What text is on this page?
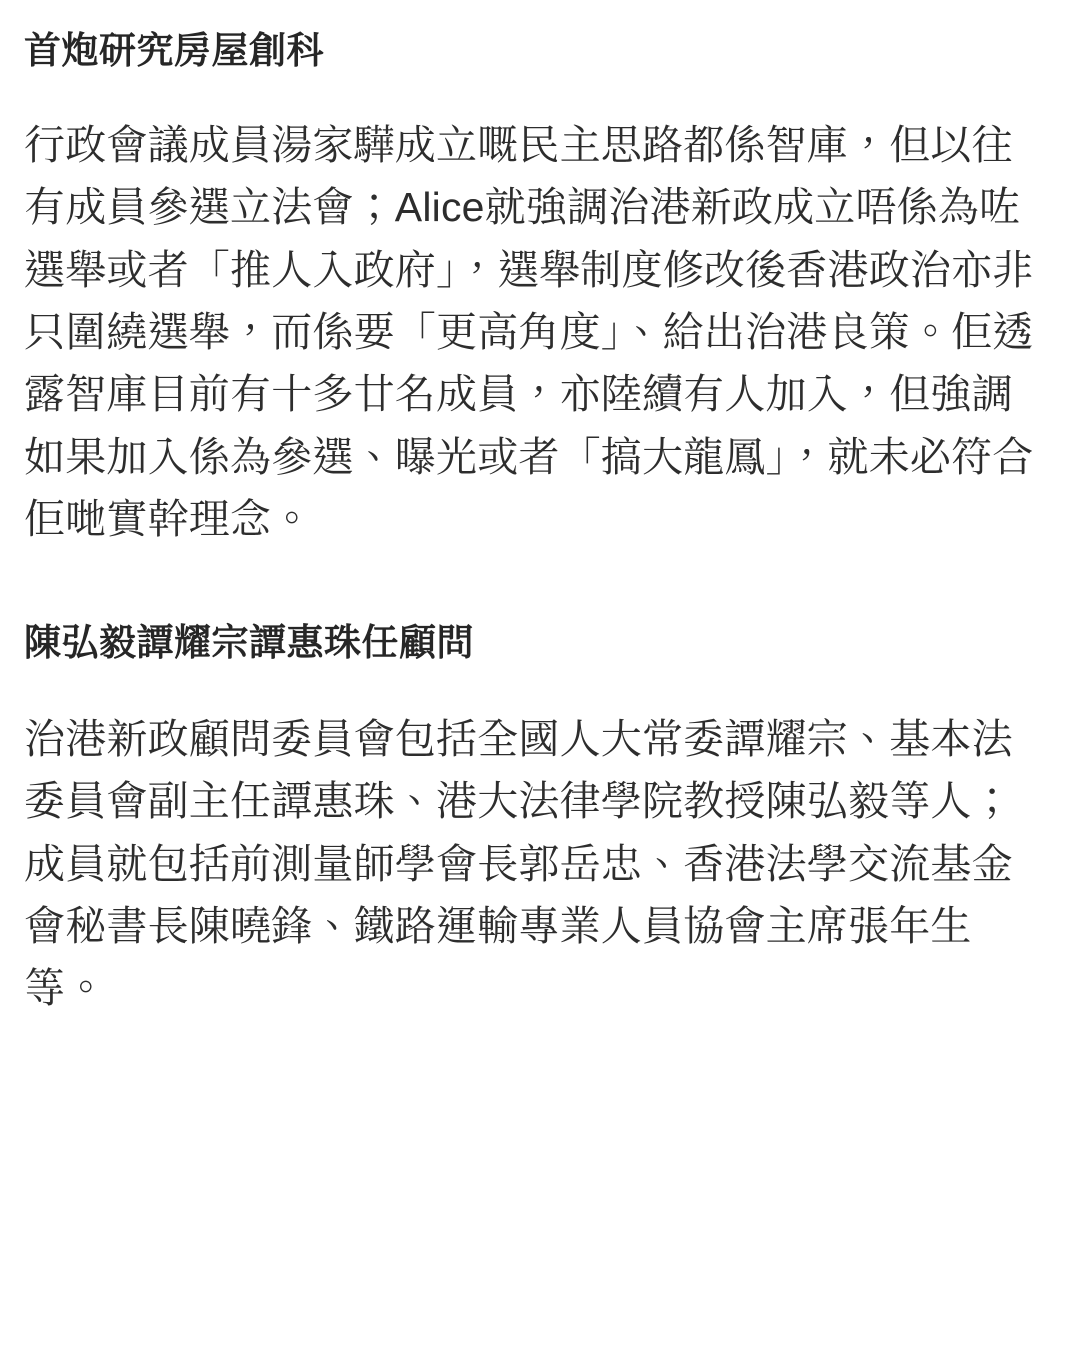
首炮研究房屋創科

行政會議成員湯家驊成立嘅民主思路都係智庫，但以往有成員參選立法會；Alice就強調治港新政成立唔係為咗選舉或者「推人入政府」，選舉制度修改後香港政治亦非只圍繞選舉，而係要「更高角度」、給出治港良策。佢透露智庫目前有十多廿名成員，亦陸續有人加入，但強調如果加入係為參選、曝光或者「搞大龍鳳」，就未必符合佢哋實幹理念。

陳弘毅譚耀宗譚惠珠任顧問

治港新政顧問委員會包括全國人大常委譚耀宗、基本法委員會副主任譚惠珠、港大法律學院教授陳弘毅等人；成員就包括前測量師學會長郭岳忠、香港法學交流基金會秘書長陳曉鋒、鐵路運輸專業人員協會主席張年生等。
